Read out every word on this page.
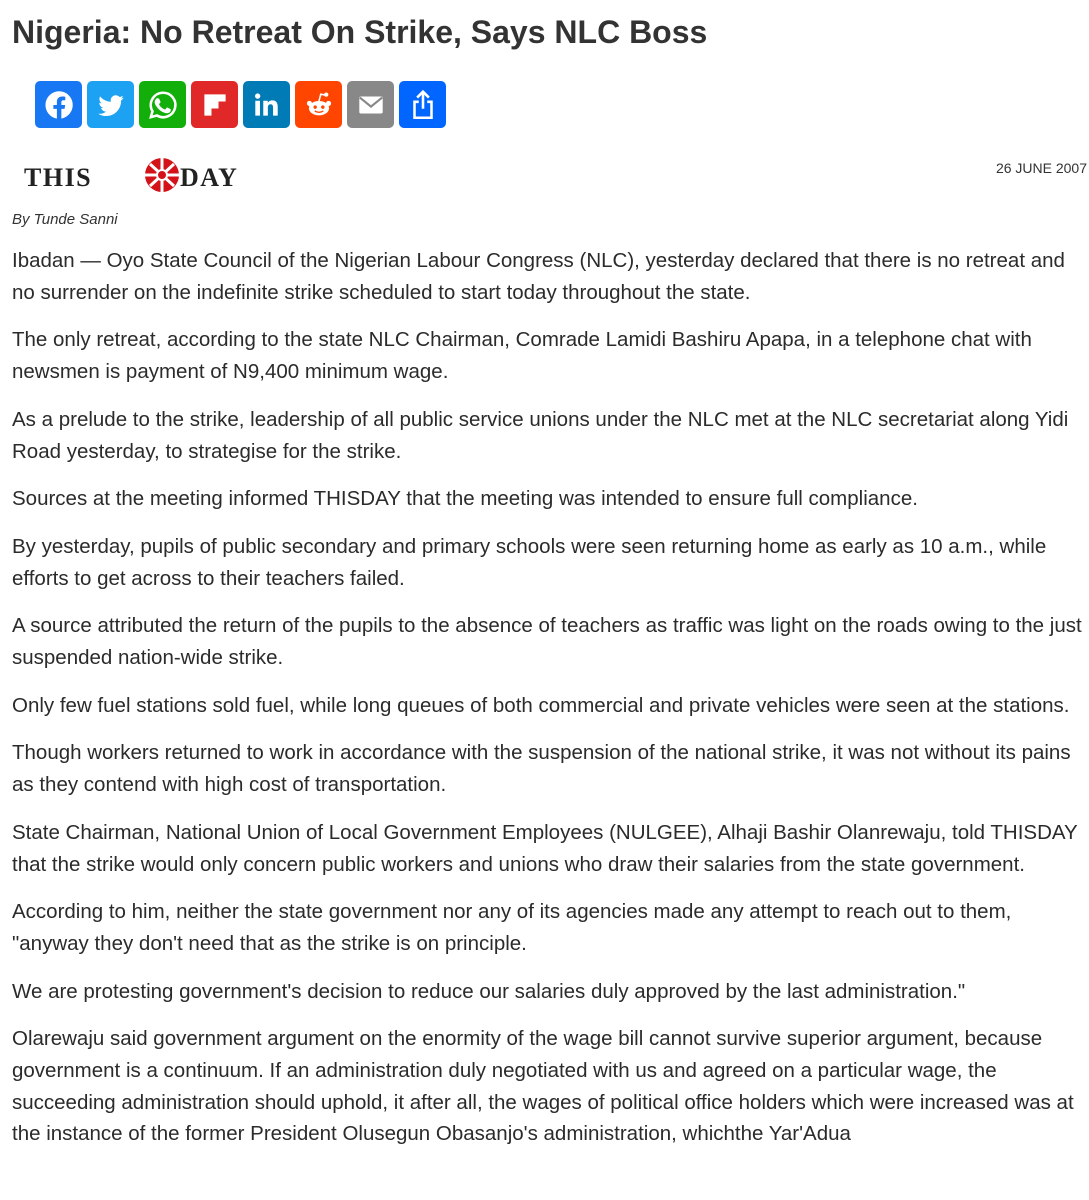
Nigeria: No Retreat On Strike, Says NLC Boss
THIS	DAY	26 JUNE 2007
By Tunde Sanni

Ibadan — Oyo State Council of the Nigerian Labour Congress (NLC), yesterday declared that there is no retreat and no surrender on the indefinite strike scheduled to start today throughout the state.

The only retreat, according to the state NLC Chairman, Comrade Lamidi Bashiru Apapa, in a telephone chat with newsmen is payment of N9,400 minimum wage.

As a prelude to the strike, leadership of all public service unions under the NLC met at the NLC secretariat along Yidi Road yesterday, to strategise for the strike.

Sources at the meeting informed THISDAY that the meeting was intended to ensure full compliance.

By yesterday, pupils of public secondary and primary schools were seen returning home as early as 10 a.m., while efforts to get across to their teachers failed.

A source attributed the return of the pupils to the absence of teachers as traffic was light on the roads owing to the just suspended nation-wide strike.

Only few fuel stations sold fuel, while long queues of both commercial and private vehicles were seen at the stations.

Though workers returned to work in accordance with the suspension of the national strike, it was not without its pains as they contend with high cost of transportation.

State Chairman, National Union of Local Government Employees (NULGEE), Alhaji Bashir Olanrewaju, told THISDAY that the strike would only concern public workers and unions who draw their salaries from the state government.

According to him, neither the state government nor any of its agencies made any attempt to reach out to them, "anyway they don't need that as the strike is on principle.

We are protesting government's decision to reduce our salaries duly approved by the last administration."

Olarewaju said government argument on the enormity of the wage bill cannot survive superior argument, because government is a continuum. If an administration duly negotiated with us and agreed on a particular wage, the succeeding administration should uphold, it after all, the wages of political office holders which were increased was at the instance of the former President Olusegun Obasanjo's administration, whichthe Yar'Adua
